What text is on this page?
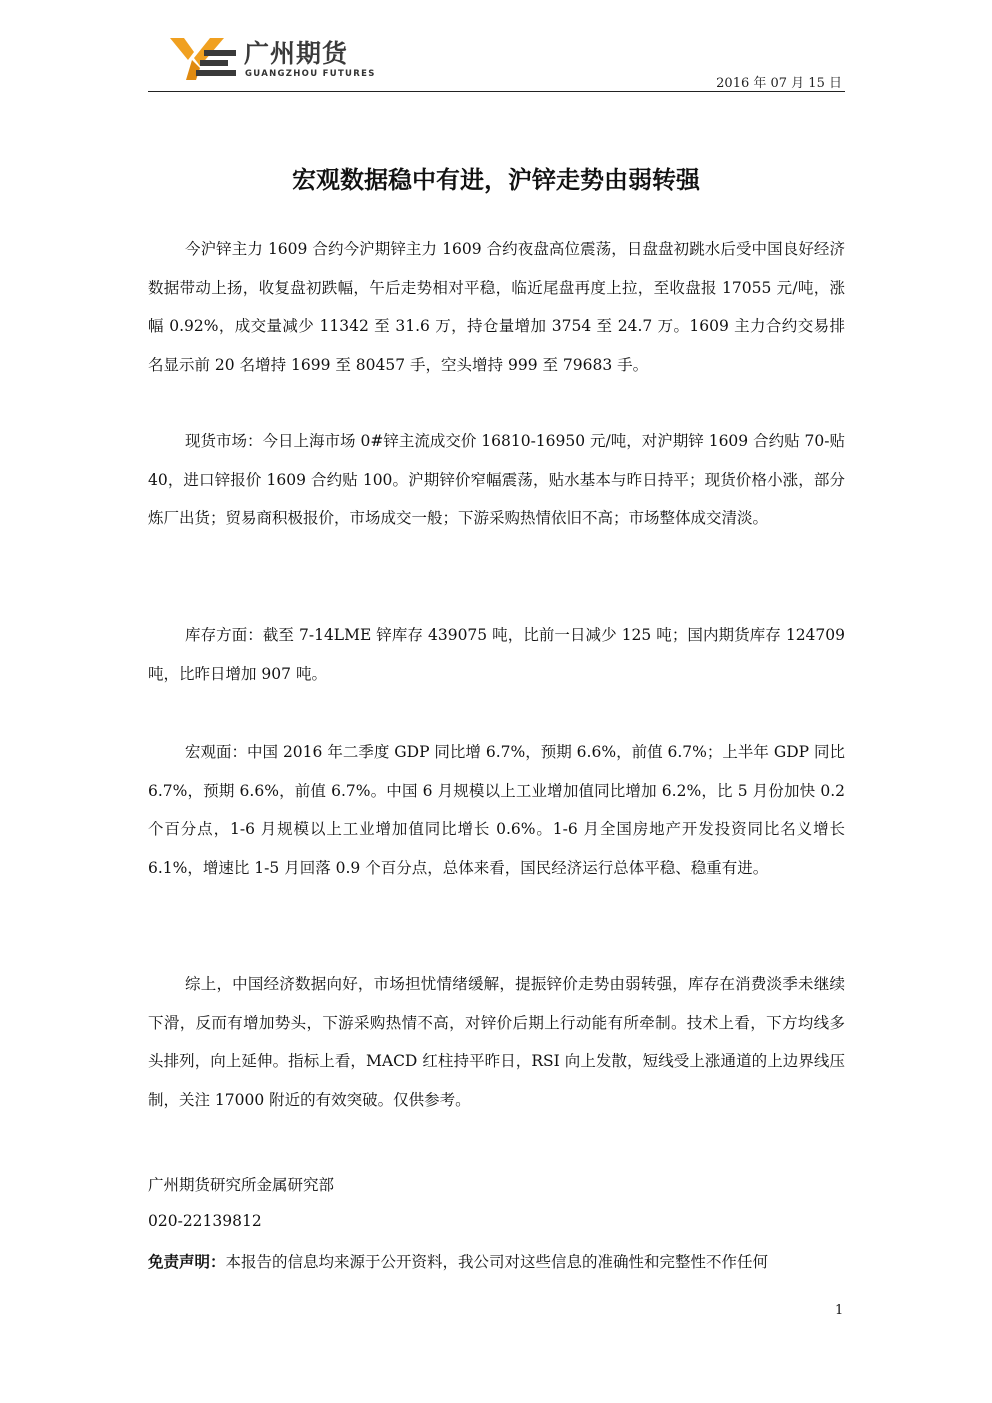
广州期货
GUANGZHOU FUTURES
2016 年 07 月 15 日
宏观数据稳中有进，沪锌走势由弱转强

今沪锌主力 1609 合约今沪期锌主力 1609 合约夜盘高位震荡，日盘盘初跳水后受中国良好经济数据带动上扬，收复盘初跌幅，午后走势相对平稳，临近尾盘再度上拉，至收盘报 17055 元/吨，涨幅 0.92%，成交量减少 11342 至 31.6 万，持仓量增加 3754 至 24.7 万。1609 主力合约交易排名显示前 20 名增持 1699 至 80457 手，空头增持 999 至 79683 手。

现货市场：今日上海市场 0#锌主流成交价 16810-16950 元/吨，对沪期锌 1609 合约贴 70-贴 40，进口锌报价 1609 合约贴 100。沪期锌价窄幅震荡，贴水基本与昨日持平；现货价格小涨，部分炼厂出货；贸易商积极报价，市场成交一般；下游采购热情依旧不高；市场整体成交清淡。

库存方面：截至 7-14LME 锌库存 439075 吨，比前一日减少 125 吨；国内期货库存 124709 吨，比昨日增加 907 吨。

宏观面：中国 2016 年二季度 GDP 同比增 6.7%，预期 6.6%，前值 6.7%；上半年 GDP 同比 6.7%，预期 6.6%，前值 6.7%。中国 6 月规模以上工业增加值同比增加 6.2%，比 5 月份加快 0.2 个百分点，1-6 月规模以上工业增加值同比增长 0.6%。1-6 月全国房地产开发投资同比名义增长 6.1%，增速比 1-5 月回落 0.9 个百分点，总体来看，国民经济运行总体平稳、稳重有进。

综上，中国经济数据向好，市场担忧情绪缓解，提振锌价走势由弱转强，库存在消费淡季未继续下滑，反而有增加势头，下游采购热情不高，对锌价后期上行动能有所牵制。技术上看，下方均线多头排列，向上延伸。指标上看，MACD 红柱持平昨日，RSI 向上发散，短线受上涨通道的上边界线压制，关注 17000 附近的有效突破。仅供参考。

广州期货研究所金属研究部
020-22139812
免责声明：本报告的信息均来源于公开资料，我公司对这些信息的准确性和完整性不作任何
1
